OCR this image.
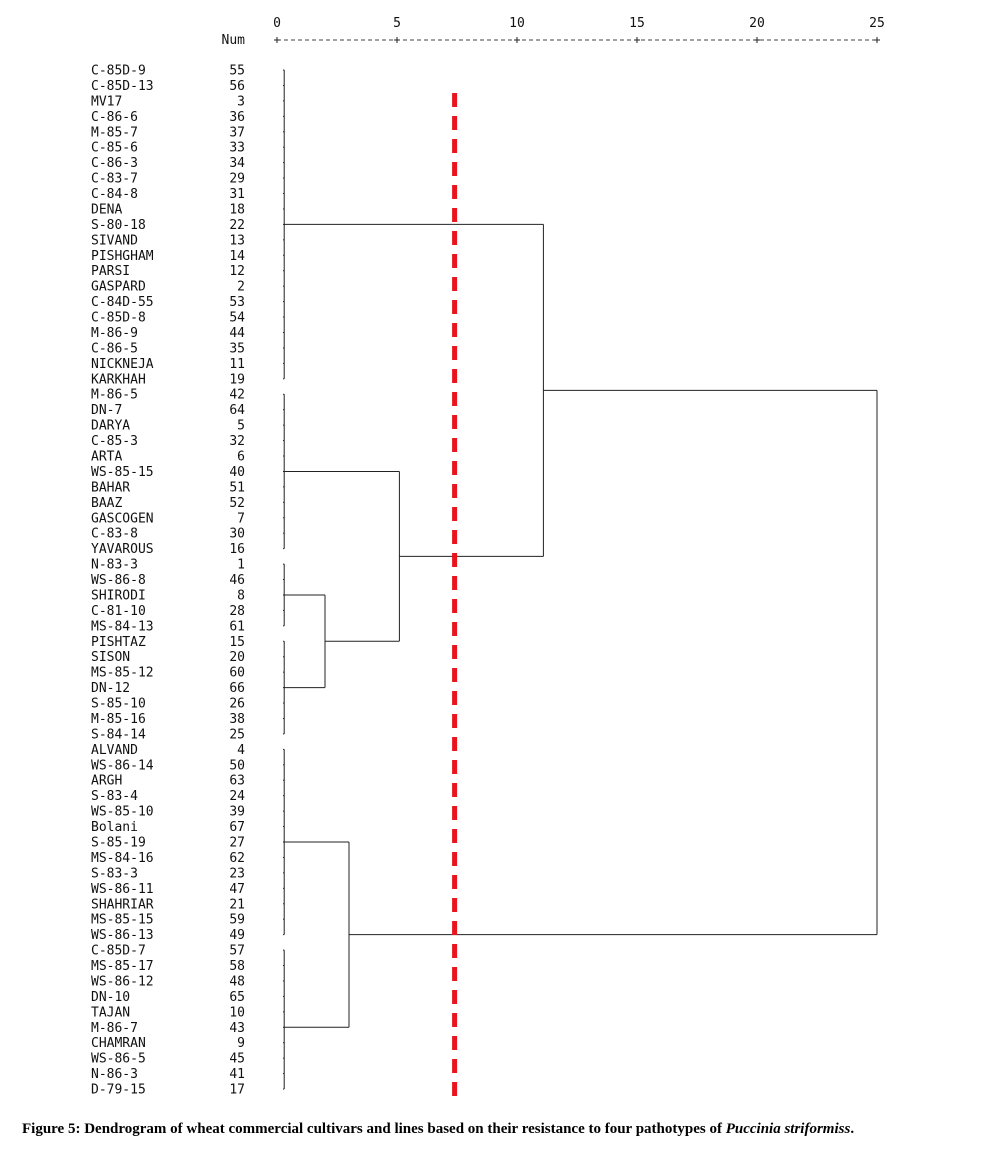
0	5	10	15	20	25
Num
C-85D-9	55
C-85D-13	56
MV17	3
C-86-6	36
M-85-7	37
C-85-6	33
C-86-3	34
C-83-7	29
C-84-8	31
DENA	18
S-80-18	22
SIVAND	13
PISHGHAM	14
PARSI	12
GASPARD	2
C-84D-55	53
C-85D-8	54
M-86-9	44
C-86-5	35
NICKNEJA	11
KARKHAH	19
M-86-5	42
DN-7	64
DARYA	5
C-85-3	32
ARTA	6
WS-85-15	40
BAHAR	51
BAAZ	52
GASCOGEN	7
C-83-8	30
YAVAROUS	16
N-83-3	1
WS-86-8	46
SHIRODI	8
C-81-10	28
MS-84-13	61
PISHTAZ	15
SISON	20
MS-85-12	60
DN-12	66
S-85-10	26
M-85-16	38
S-84-14	25
ALVAND	4
WS-86-14	50
ARGH	63
S-83-4	24
WS-85-10	39
Bolani	67
S-85-19	27
MS-84-16	62
S-83-3	23
WS-86-11	47
SHAHRIAR	21
MS-85-15	59
WS-86-13	49
C-85D-7	57
MS-85-17	58
WS-86-12	48
DN-10	65
TAJAN	10
M-86-7	43
CHAMRAN	9
WS-86-5	45
N-86-3	41
D-79-15	17
Figure 5: Dendrogram of wheat commercial cultivars and lines based on their resistance to four pathotypes of Puccinia striformiss.
